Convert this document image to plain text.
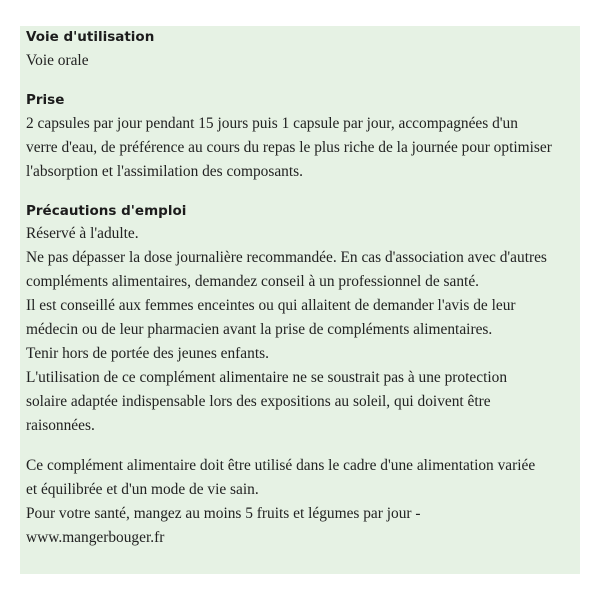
Voie d'utilisation

Voie orale

Prise

2 capsules par jour pendant 15 jours puis 1 capsule par jour, accompagnées d'un

verre d'eau, de préférence au cours du repas le plus riche de la journée pour optimiser

l'absorption et l'assimilation des composants.

Précautions d'emploi

Réservé à l'adulte.

Ne pas dépasser la dose journalière recommandée. En cas d'association avec d'autres

compléments alimentaires, demandez conseil à un professionnel de santé.

Il est conseillé aux femmes enceintes ou qui allaitent de demander l'avis de leur

médecin ou de leur pharmacien avant la prise de compléments alimentaires.

Tenir hors de portée des jeunes enfants.

L'utilisation de ce complément alimentaire ne se soustrait pas à une protection

solaire adaptée indispensable lors des expositions au soleil, qui doivent être

raisonnées.

Ce complément alimentaire doit être utilisé dans le cadre d'une alimentation variée

et équilibrée et d'un mode de vie sain.

Pour votre santé, mangez au moins 5 fruits et légumes par jour -

www.mangerbouger.fr
